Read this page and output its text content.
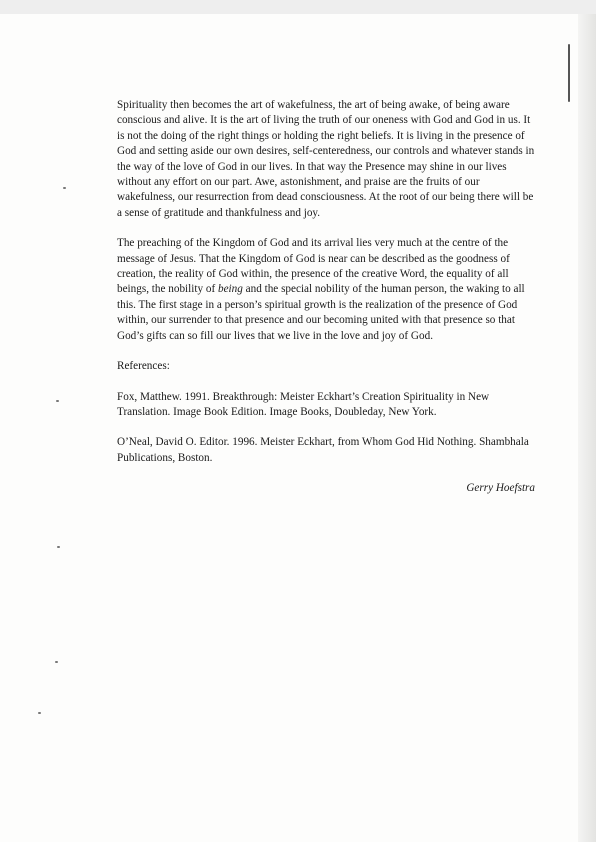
Spirituality then becomes the art of wakefulness, the art of being awake, of being aware conscious and alive. It is the art of living the truth of our oneness with God and God in us. It is not the doing of the right things or holding the right beliefs. It is living in the presence of God and setting aside our own desires, self-centeredness, our controls and whatever stands in the way of the love of God in our lives. In that way the Presence may shine in our lives without any effort on our part. Awe, astonishment, and praise are the fruits of our wakefulness, our resurrection from dead consciousness. At the root of our being there will be a sense of gratitude and thankfulness and joy.

The preaching of the Kingdom of God and its arrival lies very much at the centre of the message of Jesus. That the Kingdom of God is near can be described as the goodness of creation, the reality of God within, the presence of the creative Word, the equality of all beings, the nobility of being and the special nobility of the human person, the waking to all this. The first stage in a person’s spiritual growth is the realization of the presence of God within, our surrender to that presence and our becoming united with that presence so that God’s gifts can so fill our lives that we live in the love and joy of God.

References:

Fox, Matthew. 1991. Breakthrough: Meister Eckhart’s Creation Spirituality in New Translation. Image Book Edition. Image Books, Doubleday, New York.

O’Neal, David O. Editor. 1996. Meister Eckhart, from Whom God Hid Nothing. Shambhala Publications, Boston.

Gerry Hoefstra
